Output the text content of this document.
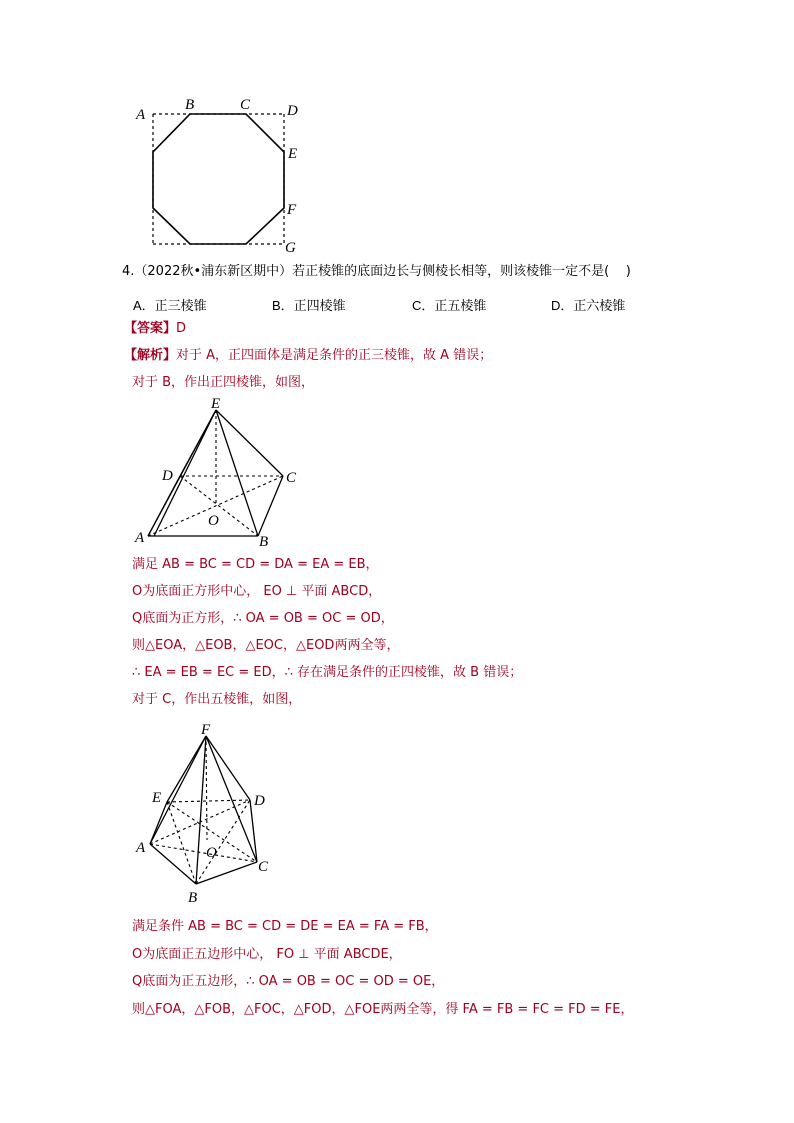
A
B	C D
E
F
G
4.（2022秋•浦东新区期中）若正棱锥的底面边长与侧棱长相等，则该棱锥一定不是(    )
A．正三棱锥	B．正四棱锥	C．正五棱锥	D．正六棱锥
【答案】D
【解析】对于 A，正四面体是满足条件的正三棱锥，故 A 错误；
对于 B，作出正四棱锥，如图，
E
D	C
O
A	B
满足 AB = BC = CD = DA = EA = EB，
O为底面正方形中心， EO ⊥ 平面 ABCD，
Q底面为正方形，∴ OA = OB = OC = OD，
则△EOA，△EOB，△EOC，△EOD两两全等，
∴ EA = EB = EC = ED，∴ 存在满足条件的正四棱锥，故 B 错误；
对于 C，作出五棱锥，如图，
F
E	D
A	O
C
B
满足条件 AB = BC = CD = DE = EA = FA = FB，
O为底面正五边形中心， FO ⊥ 平面 ABCDE，
Q底面为正五边形，∴ OA = OB = OC = OD = OE，
则△FOA，△FOB，△FOC，△FOD，△FOE两两全等，得 FA = FB = FC = FD = FE，
